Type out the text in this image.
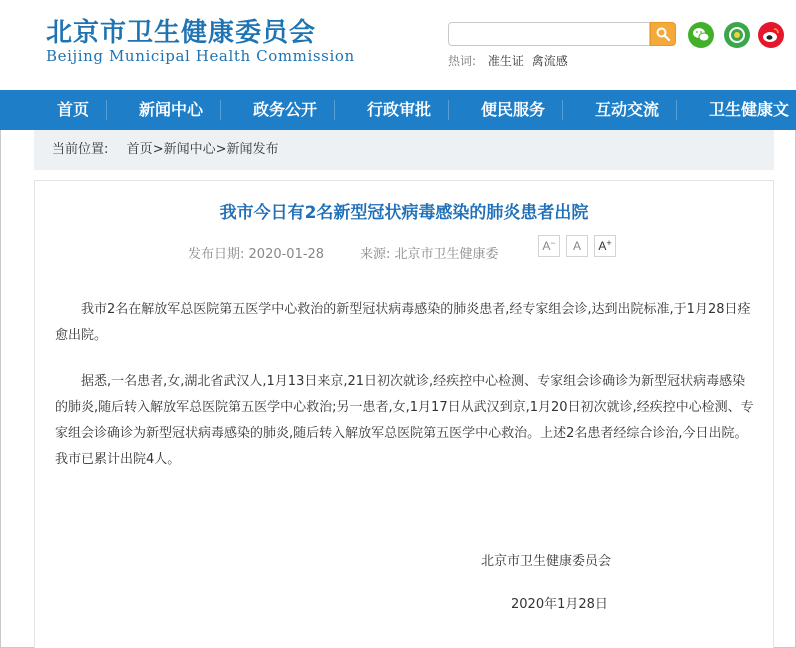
北京市卫生健康委员会
Beijing Municipal Health Commission	热词: 准生证 禽流感
首页	新闻中心	政务公开	行政审批	便民服务	互动交流	卫生健康文
当前位置: 首页>新闻中心>新闻发布
我市今日有2名新型冠状病毒感染的肺炎患者出院
发布日期: 2020-01-28	来源: 北京市卫生健康委
A− A A+

我市2名在解放军总医院第五医学中心救治的新型冠状病毒感染的肺炎患者,经专家组会诊,达到出院标准,于1月28日痊愈出院。

据悉,一名患者,女,湖北省武汉人,1月13日来京,21日初次就诊,经疾控中心检测、专家组会诊确诊为新型冠状病毒感染的肺炎,随后转入解放军总医院第五医学中心救治;另一患者,女,1月17日从武汉到京,1月20日初次就诊,经疾控中心检测、专家组会诊确诊为新型冠状病毒感染的肺炎,随后转入解放军总医院第五医学中心救治。上述2名患者经综合诊治,今日出院。我市已累计出院4人。

北京市卫生健康委员会
2020年1月28日
